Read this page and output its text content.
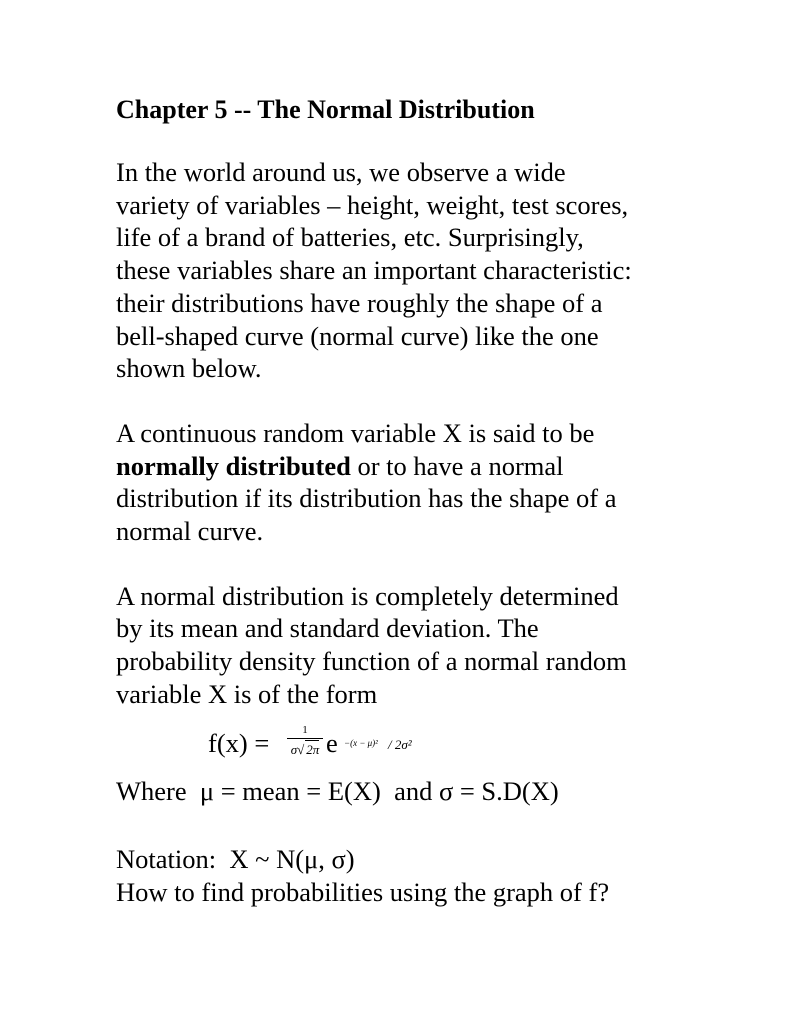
Chapter 5 -- The Normal Distribution

In the world around us, we observe a wide
variety of variables – height, weight, test scores,
life of a brand of batteries, etc. Surprisingly,
these variables share an important characteristic:
their distributions have roughly the shape of a
bell-shaped curve (normal curve) like the one
shown below.

A continuous random variable X is said to be
normally distributed or to have a normal
distribution if its distribution has the shape of a
normal curve.

A normal distribution is completely determined
by its mean and standard deviation. The
probability density function of a normal random
variable X is of the form

f(x) =	1
σ√ 2π e −(x − μ)² / 2σ²

Where  μ = mean = E(X)  and σ = S.D(X)

Notation:  X ~ N(μ, σ)
How to find probabilities using the graph of f?
